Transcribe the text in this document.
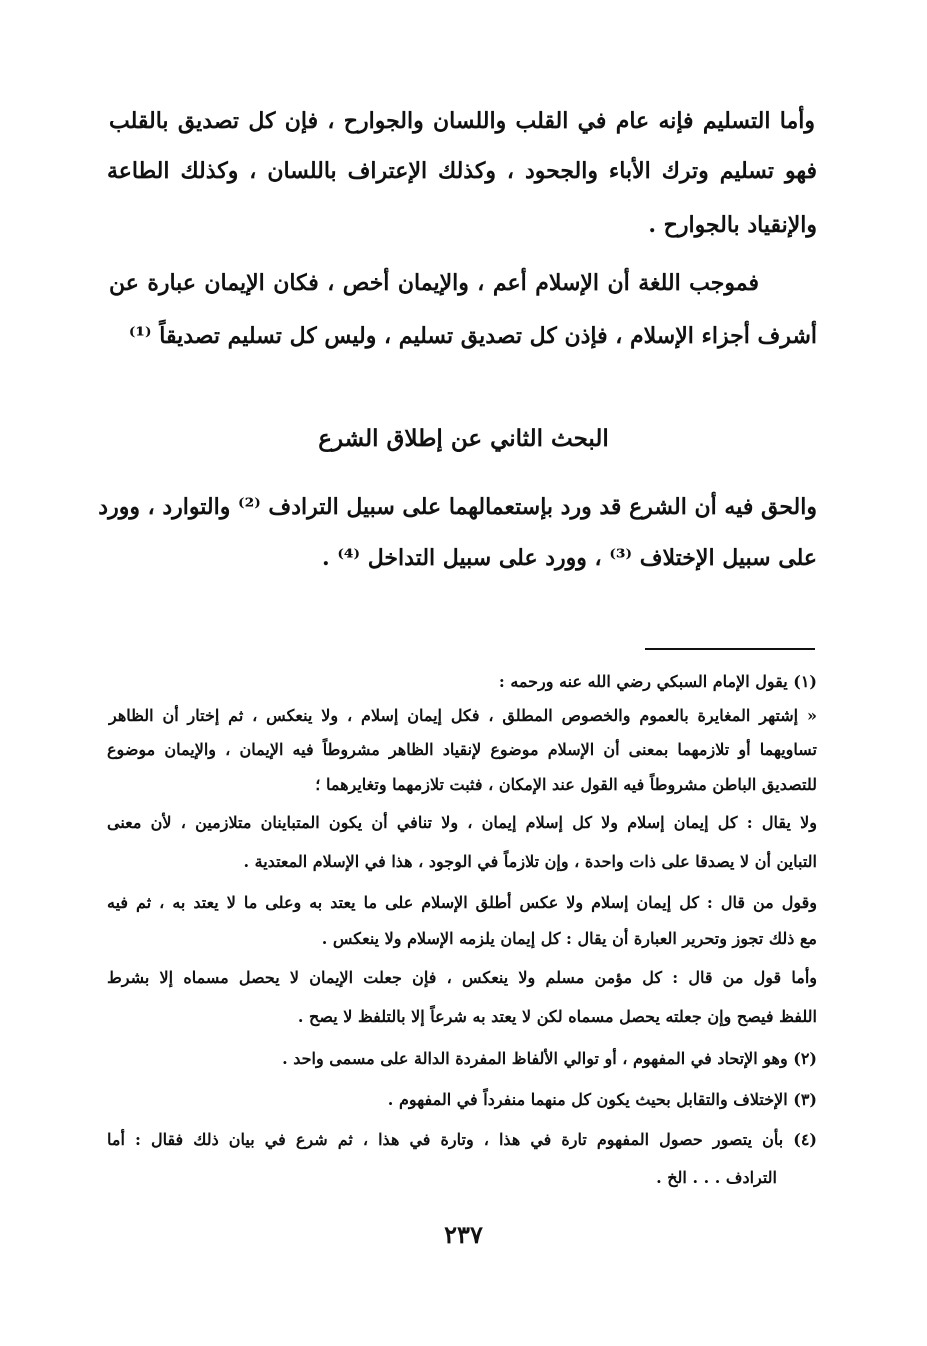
وأما التسليم فإنه عام في القلب واللسان والجوارح ، فإن كل تصديق بالقلب
فهو تسليم وترك الأباء والجحود ، وكذلك الإعتراف باللسان ، وكذلك الطاعة
والإنقياد بالجوارح .
فموجب اللغة أن الإسلام أعم ، والإيمان أخص ، فكان الإيمان عبارة عن
أشرف أجزاء الإسلام ، فإذن كل تصديق تسليم ، وليس كل تسليم تصديقاً ⁽¹⁾
البحث الثاني عن إطلاق الشرع
والحق فيه أن الشرع قد ورد بإستعمالهما على سبيل الترادف ⁽²⁾ والتوارد ، وورد
على سبيل الإختلاف ⁽³⁾ ، وورد على سبيل التداخل ⁽⁴⁾ .
(١) يقول الإمام السبكي رضي الله عنه ورحمه :
« إشتهر المغايرة بالعموم والخصوص المطلق ، فكل إيمان إسلام ، ولا ينعكس ، ثم إختار أن الظاهر
تساويهما أو تلازمهما بمعنى أن الإسلام موضوع لإنقياد الظاهر مشروطاً فيه الإيمان ، والإيمان موضوع
للتصديق الباطن مشروطاً فيه القول عند الإمكان ، فثبت تلازمهما وتغايرهما ؛
ولا يقال : كل إيمان إسلام ولا كل إسلام إيمان ، ولا تنافي أن يكون المتباينان متلازمين ، لأن معنى
التباين أن لا يصدقا على ذات واحدة ، وإن تلازماً في الوجود ، هذا في الإسلام المعتدية .
وقول من قال : كل إيمان إسلام ولا عكس أطلق الإسلام على ما يعتد به وعلى ما لا يعتد به ، ثم فيه
مع ذلك تجوز وتحرير العبارة أن يقال : كل إيمان يلزمه الإسلام ولا ينعكس .
وأما قول من قال : كل مؤمن مسلم ولا ينعكس ، فإن جعلت الإيمان لا يحصل مسماه إلا بشرط
اللفظ فيصح وإن جعلته يحصل مسماه لكن لا يعتد به شرعاً إلا بالتلفظ لا يصح .
(٢) وهو الإتحاد في المفهوم ، أو توالي الألفاظ المفردة الدالة على مسمى واحد .
(٣) الإختلاف والتقابل بحيث يكون كل منهما منفرداً في المفهوم .
(٤) بأن يتصور حصول المفهوم تارة في هذا ، وتارة في هذا ، ثم شرع في بيان ذلك فقال : أما
الترادف . . . الخ .
٢٣٧
